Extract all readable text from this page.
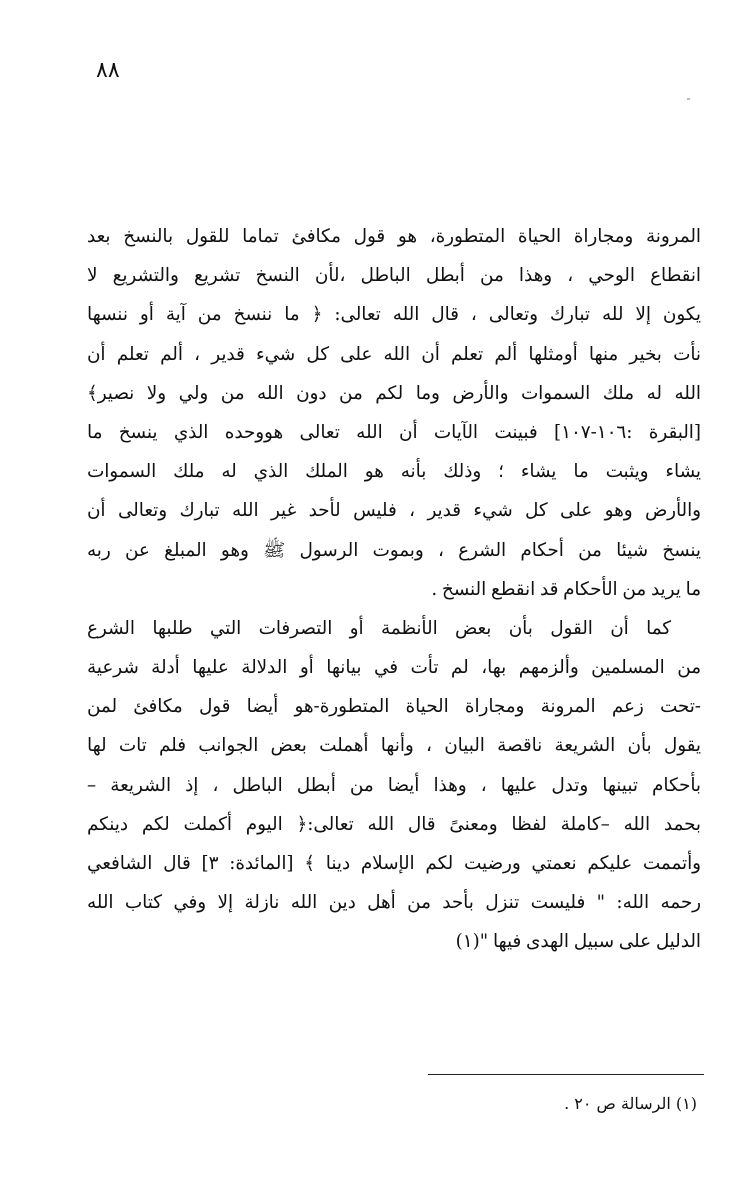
٨٨
المرونة ومجاراة الحياة المتطورة، هو قول مكافئ تماما للقول بالنسخ بعد
انقطاع الوحي ، وهذا من أبطل الباطل ،لأن النسخ تشريع والتشريع لا
يكون إلا لله تبارك وتعالى ، قال الله تعالى: ﴿ ما ننسخ من آية أو ننسها
نأت بخير منها أومثلها ألم تعلم أن الله على كل شيء قدير ، ألم تعلم أن
الله له ملك السموات والأرض وما لكم من دون الله من ولي ولا نصير﴾
[البقرة :١٠٦-١٠٧] فبينت الآيات أن الله تعالى هووحده الذي ينسخ ما
يشاء ويثبت ما يشاء ؛ وذلك بأنه هو الملك الذي له ملك السموات
والأرض وهو على كل شيء قدير ، فليس لأحد غير الله تبارك وتعالى أن
ينسخ شيئا من أحكام الشرع ، وبموت الرسول ﷺ وهو المبلغ عن ربه
ما يريد من الأحكام قد انقطع النسخ .
كما أن القول بأن بعض الأنظمة أو التصرفات التي طلبها الشرع
من المسلمين وألزمهم بها، لم تأت في بيانها أو الدلالة عليها أدلة شرعية
-تحت زعم المرونة ومجاراة الحياة المتطورة-هو أيضا قول مكافئ لمن
يقول بأن الشريعة ناقصة البيان ، وأنها أهملت بعض الجوانب فلم تات لها
بأحكام تبينها وتدل عليها ، وهذا أيضا من أبطل الباطل ، إذ الشريعة –
بحمد الله –كاملة لفظا ومعنىً قال الله تعالى:﴿ اليوم أكملت لكم دينكم
وأتممت عليكم نعمتي ورضيت لكم الإسلام دينا ﴾ [المائدة: ٣] قال الشافعي
رحمه الله: " فليست تنزل بأحد من أهل دين الله نازلة إلا وفي كتاب الله
الدليل على سبيل الهدى فيها "(١)
(١) الرسالة ص ٢٠ .
